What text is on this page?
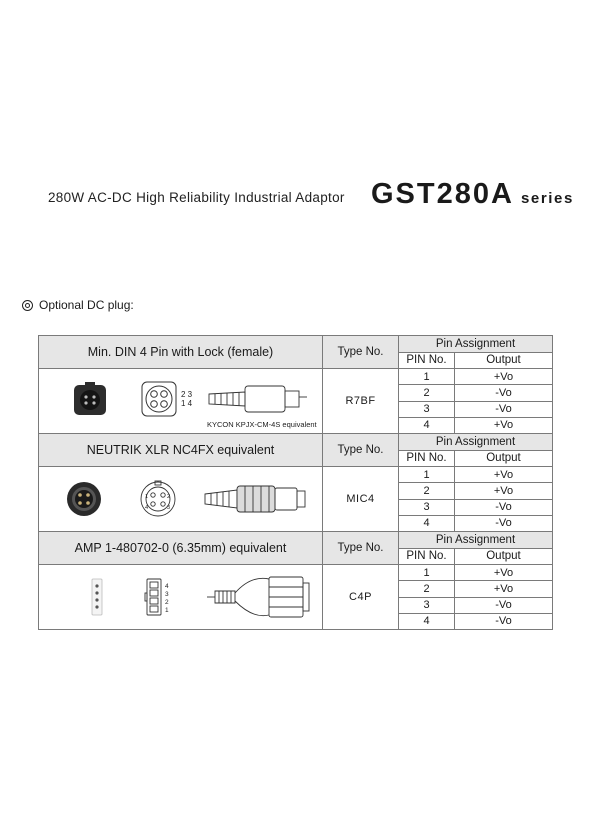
280W AC-DC High Reliability Industrial Adaptor GST280A series
Optional DC plug:
Min. DIN 4 Pin with Lock (female)	Type No.	Pin Assignment	
		PIN No.	Output

2 3
1 4
KYCON KPJX-CM-4S equivalent	R7BF	1	+Vo
		2	-Vo
		3	-Vo
		4	+Vo
NEUTRIK XLR NC4FX equivalent	Type No.	Pin Assignment	
		PIN No.	Output

1 2
3
4	MIC4	1	+Vo
		2	+Vo
		3	-Vo
		4	-Vo
AMP 1-480702-0 (6.35mm) equivalent	Type No.	Pin Assignment	
		PIN No.	Output

4
3
2
1	C4P	1	+Vo
		2	+Vo
		3	-Vo
		4	-Vo
